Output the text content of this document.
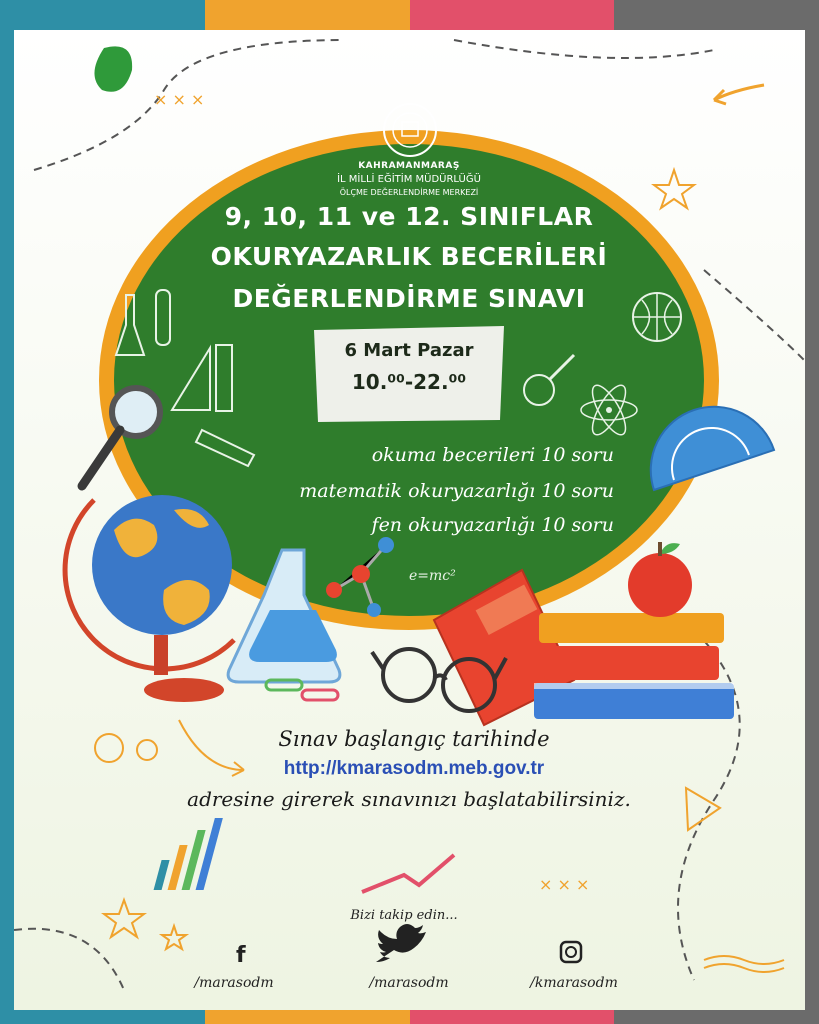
× × ×
× × ×
e=mc²
f
KAHRAMANMARAŞ
İL MİLLİ EĞİTİM MÜDÜRLÜĞÜ
ÖLÇME DEĞERLENDİRME MERKEZİ
9, 10, 11 ve 12. SINIFLAR
OKURYAZARLIK BECERİLERİ
DEĞERLENDİRME SINAVI
6 Mart Pazar
10.⁰⁰-22.⁰⁰
okuma becerileri 10 soru
matematik okuryazarlığı 10 soru
fen okuryazarlığı 10 soru
Sınav başlangıç tarihinde
http://kmarasodm.meb.gov.tr
adresine girerek sınavınızı başlatabilirsiniz.
Bizi takip edin...
/marasodm	/marasodm	/kmarasodm
